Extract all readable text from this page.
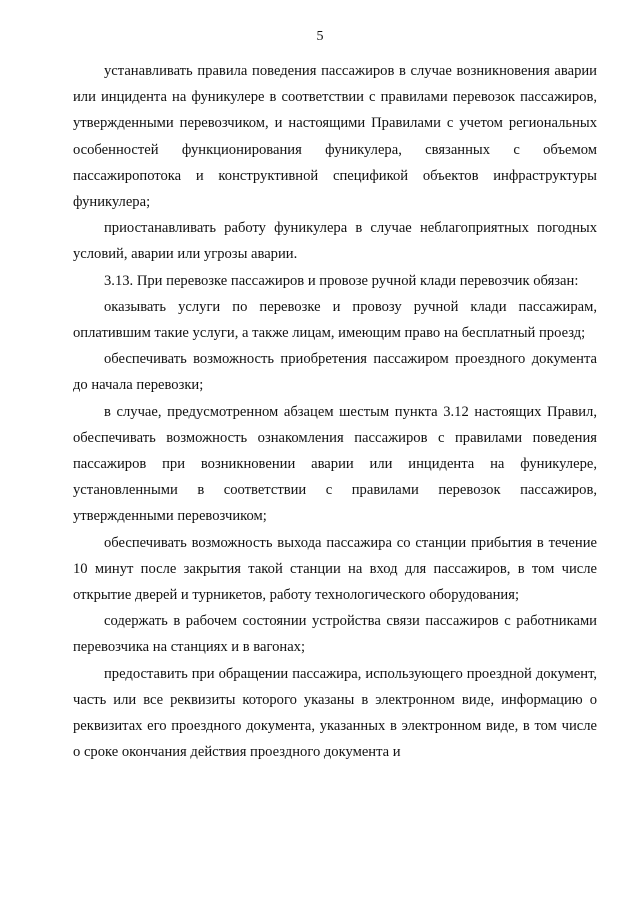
5

устанавливать правила поведения пассажиров в случае возникновения аварии или инцидента на фуникулере в соответствии с правилами перевозок пассажиров, утвержденными перевозчиком, и настоящими Правилами с учетом региональных особенностей функционирования фуникулера, связанных с объемом пассажиропотока и конструктивной спецификой объектов инфраструктуры фуникулера;

приостанавливать работу фуникулера в случае неблагоприятных погодных условий, аварии или угрозы аварии.

3.13. При перевозке пассажиров и провозе ручной клади перевозчик обязан:

оказывать услуги по перевозке и провозу ручной клади пассажирам, оплатившим такие услуги, а также лицам, имеющим право на бесплатный проезд;

обеспечивать возможность приобретения пассажиром проездного документа до начала перевозки;

в случае, предусмотренном абзацем шестым пункта 3.12 настоящих Правил, обеспечивать возможность ознакомления пассажиров с правилами поведения пассажиров при возникновении аварии или инцидента на фуникулере, установленными в соответствии с правилами перевозок пассажиров, утвержденными перевозчиком;

обеспечивать возможность выхода пассажира со станции прибытия в течение 10 минут после закрытия такой станции на вход для пассажиров, в том числе открытие дверей и турникетов, работу технологического оборудования;

содержать в рабочем состоянии устройства связи пассажиров с работниками перевозчика на станциях и в вагонах;

предоставить при обращении пассажира, использующего проездной документ, часть или все реквизиты которого указаны в электронном виде, информацию о реквизитах его проездного документа, указанных в электронном виде, в том числе о сроке окончания действия проездного документа и
